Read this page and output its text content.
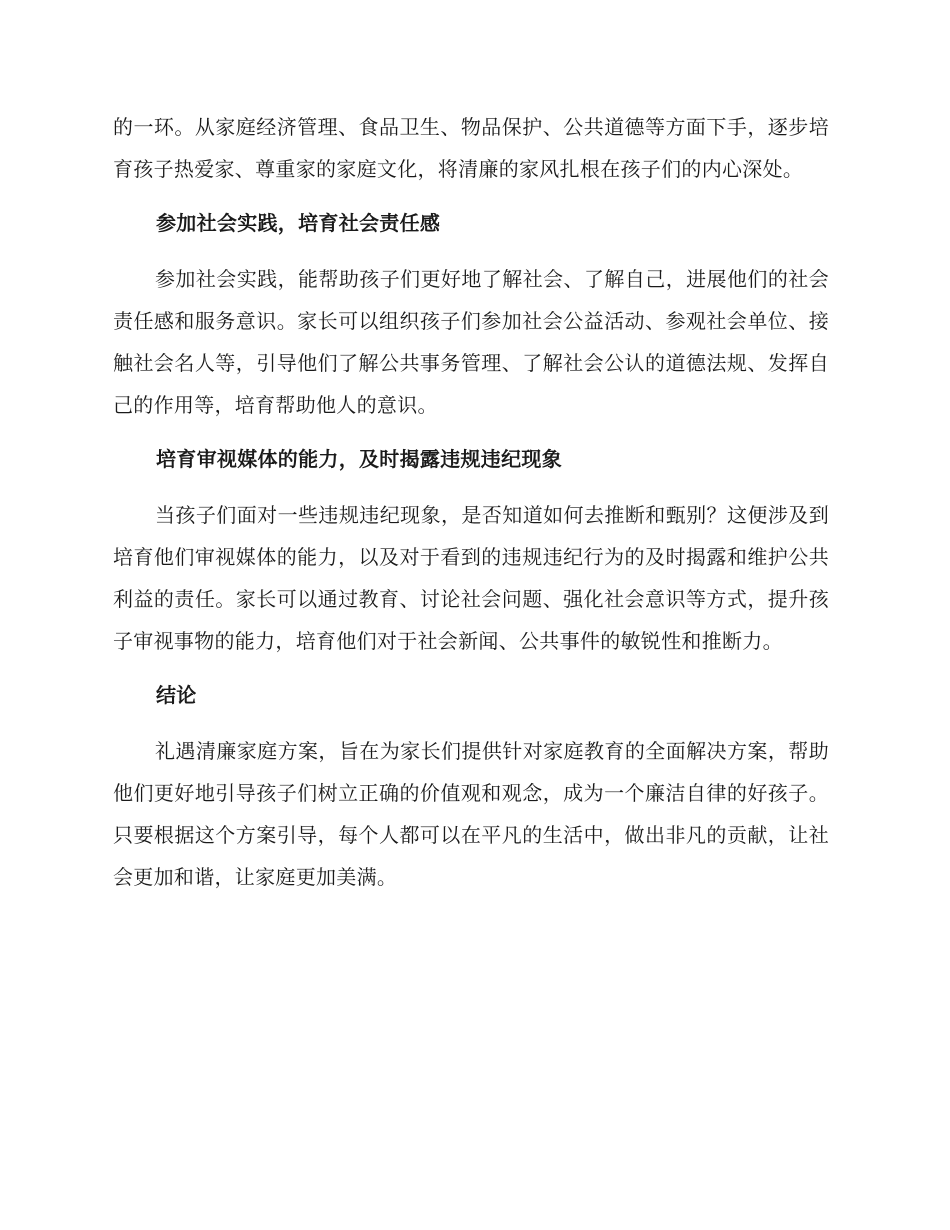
的一环。从家庭经济管理、食品卫生、物品保护、公共道德等方面下手，逐步培育孩子热爱家、尊重家的家庭文化，将清廉的家风扎根在孩子们的内心深处。

参加社会实践，培育社会责任感

参加社会实践，能帮助孩子们更好地了解社会、了解自己，进展他们的社会责任感和服务意识。家长可以组织孩子们参加社会公益活动、参观社会单位、接触社会名人等，引导他们了解公共事务管理、了解社会公认的道德法规、发挥自己的作用等，培育帮助他人的意识。

培育审视媒体的能力，及时揭露违规违纪现象

当孩子们面对一些违规违纪现象，是否知道如何去推断和甄别？这便涉及到培育他们审视媒体的能力，以及对于看到的违规违纪行为的及时揭露和维护公共利益的责任。家长可以通过教育、讨论社会问题、强化社会意识等方式，提升孩子审视事物的能力，培育他们对于社会新闻、公共事件的敏锐性和推断力。

结论

礼遇清廉家庭方案，旨在为家长们提供针对家庭教育的全面解决方案，帮助他们更好地引导孩子们树立正确的价值观和观念，成为一个廉洁自律的好孩子。只要根据这个方案引导，每个人都可以在平凡的生活中，做出非凡的贡献，让社会更加和谐，让家庭更加美满。
